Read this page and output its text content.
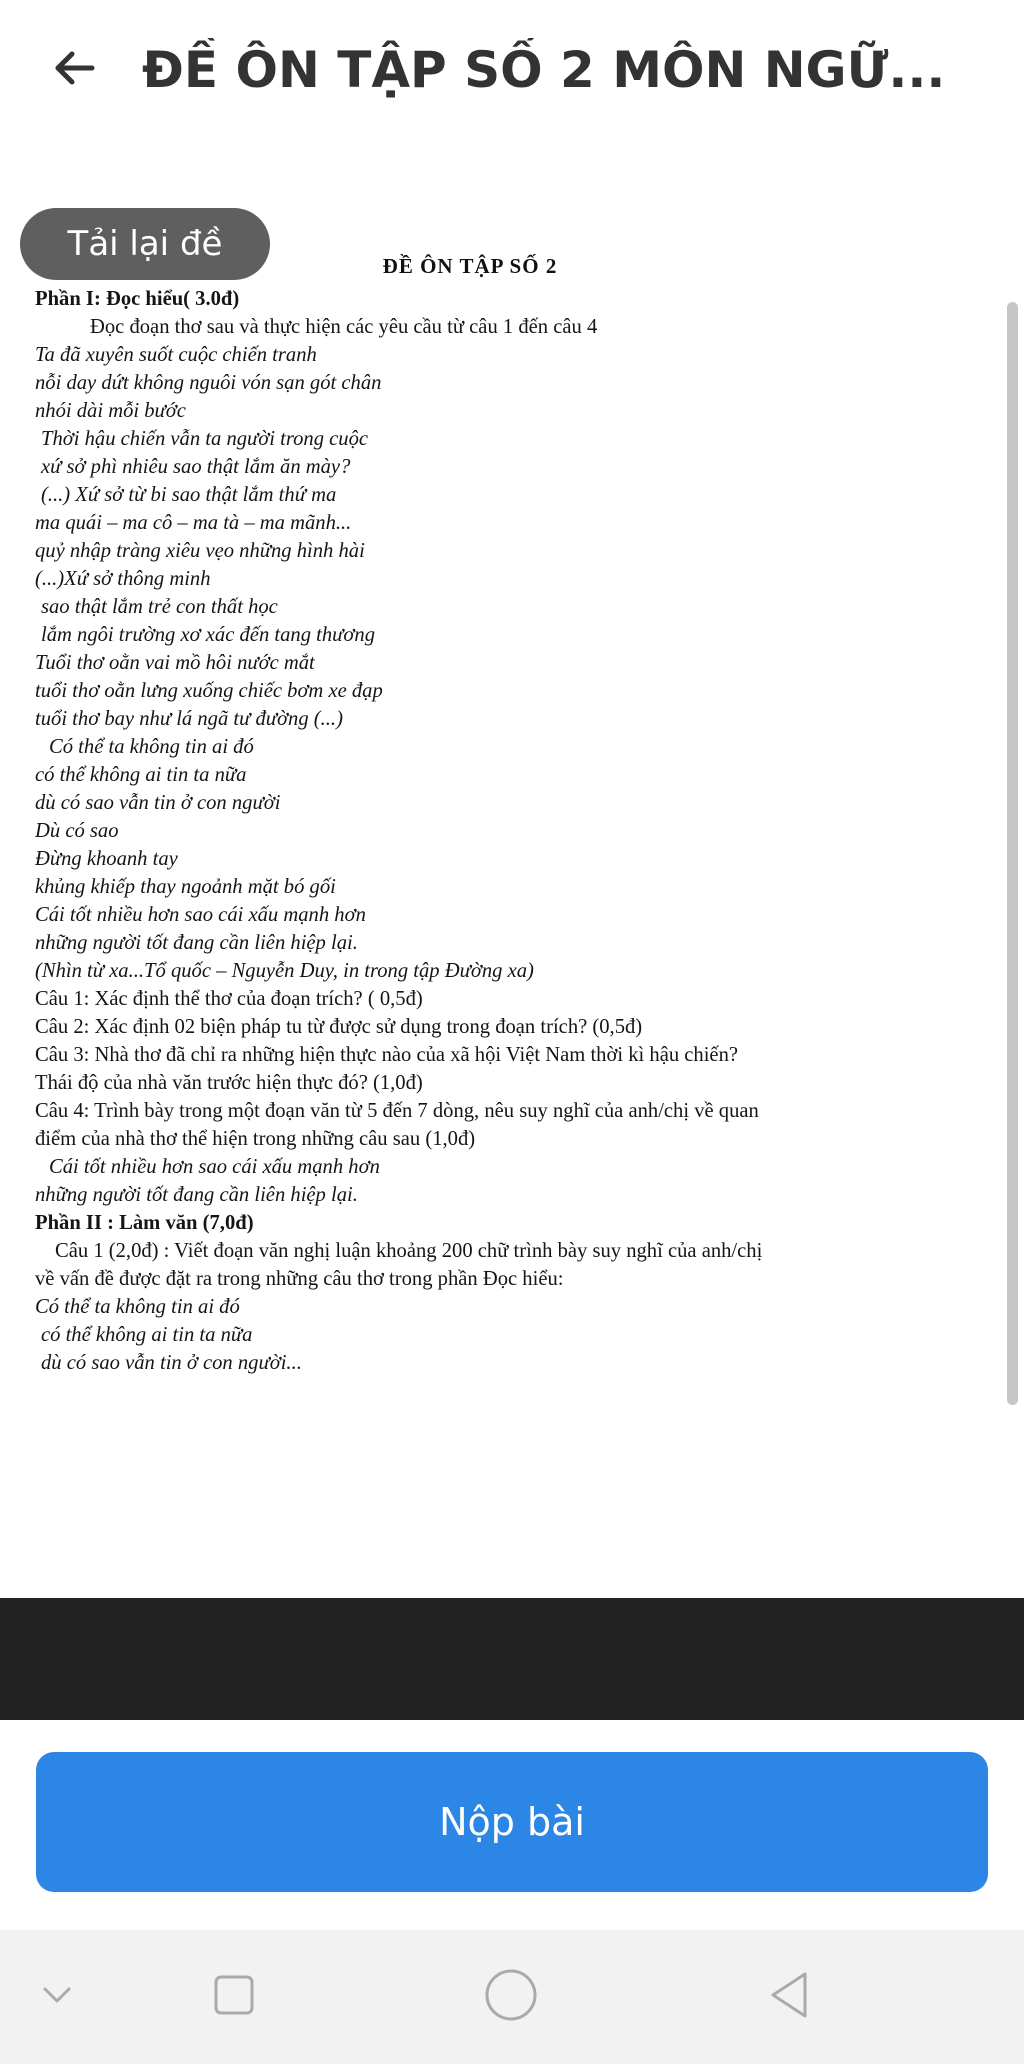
ĐỀ ÔN TẬP SỐ 2 MÔN NGỮ...
ĐỀ ÔN TẬP SỐ 2
Phần I: Đọc hiểu( 3.0đ)
Đọc đoạn thơ sau và thực hiện các yêu cầu từ câu 1 đến câu 4
Ta đã xuyên suốt cuộc chiến tranh
nỗi day dứt không nguôi vón sạn gót chân
nhói dài mỗi bước
Thời hậu chiến vẫn ta người trong cuộc
xứ sở phì nhiêu sao thật lắm ăn mày?
(...) Xứ sở từ bi sao thật lắm thứ ma
ma quái – ma cô – ma tà – ma mãnh...
quỷ nhập tràng xiêu vẹo những hình hài
(...)Xứ sở thông minh
sao thật lắm trẻ con thất học
lắm ngôi trường xơ xác đến tang thương
Tuổi thơ oằn vai mồ hôi nước mắt
tuổi thơ oằn lưng xuống chiếc bơm xe đạp
tuổi thơ bay như lá ngã tư đường (...)
Có thể ta không tin ai đó
có thể không ai tin ta nữa
dù có sao vẫn tin ở con người
Dù có sao
Đừng khoanh tay
khủng khiếp thay ngoảnh mặt bó gối
Cái tốt nhiều hơn sao cái xấu mạnh hơn
những người tốt đang cần liên hiệp lại.
(Nhìn từ xa...Tổ quốc – Nguyễn Duy, in trong tập Đường xa)
Câu 1: Xác định thể thơ của đoạn trích? ( 0,5đ)
Câu 2: Xác định 02 biện pháp tu từ được sử dụng trong đoạn trích? (0,5đ)
Câu 3: Nhà thơ đã chỉ ra những hiện thực nào của xã hội Việt Nam thời kì hậu chiến?
Thái độ của nhà văn trước hiện thực đó? (1,0đ)
Câu 4: Trình bày trong một đoạn văn từ 5 đến 7 dòng, nêu suy nghĩ của anh/chị về quan
điểm của nhà thơ thể hiện trong những câu sau (1,0đ)
Cái tốt nhiều hơn sao cái xấu mạnh hơn
những người tốt đang cần liên hiệp lại.
Phần II : Làm văn (7,0đ)
Câu 1 (2,0đ) : Viết đoạn văn nghị luận khoảng 200 chữ trình bày suy nghĩ của anh/chị
về vấn đề được đặt ra trong những câu thơ trong phần Đọc hiểu:
Có thể ta không tin ai đó
có thể không ai tin ta nữa
dù có sao vẫn tin ở con người...
Tải lại đề
Nộp bài
